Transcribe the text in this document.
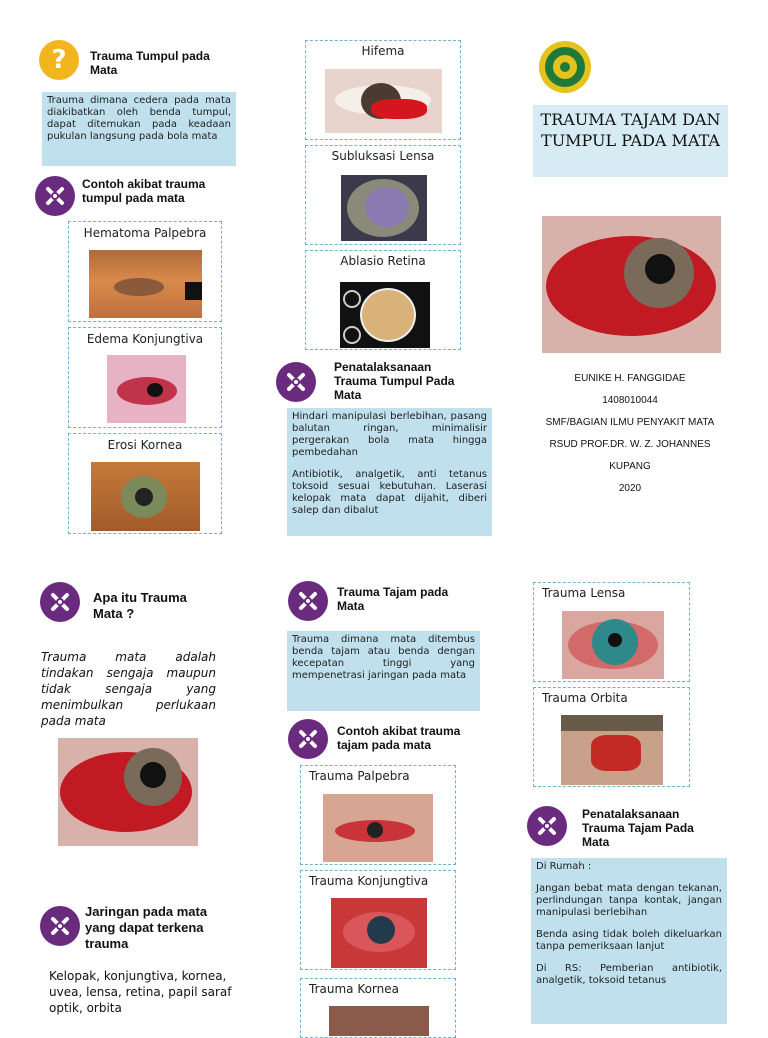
?	Trauma Tumpul pada Mata
Trauma dimana cedera pada mata diakibatkan oleh benda tumpul, dapat ditemukan pada keadaan pukulan langsung pada bola mata
Contoh akibat trauma tumpul pada mata
Hematoma Palpebra
Edema Konjungtiva
Erosi Kornea
Hifema
Subluksasi Lensa
Ablasio Retina
Penatalaksanaan Trauma Tumpul Pada Mata
Hindari manipulasi berlebihan, pasang balutan ringan, minimalisir pergerakan bola mata hingga pembedahan
Antibiotik, analgetik, anti tetanus toksoid sesuai kebutuhan. Laserasi kelopak mata dapat dijahit, diberi salep dan dibalut
TRAUMA TAJAM DAN TUMPUL PADA MATA
EUNIKE H. FANGGIDAE
1408010044
SMF/BAGIAN ILMU PENYAKIT MATA
RSUD PROF.DR. W. Z. JOHANNES
KUPANG
2020
Apa itu Trauma Mata ?
Trauma mata adalah tindakan sengaja maupun tidak sengaja yang menimbulkan perlukaan pada mata
Jaringan pada mata yang dapat terkena trauma
Kelopak, konjungtiva, kornea, uvea, lensa, retina, papil saraf optik, orbita
Trauma Tajam pada Mata
Trauma dimana mata ditembus benda tajam atau benda dengan kecepatan tinggi yang mempenetrasi jaringan pada mata
Contoh akibat trauma tajam pada mata
Trauma Palpebra
Trauma Konjungtiva
Trauma Kornea
Trauma Lensa
Trauma Orbita
Penatalaksanaan Trauma Tajam Pada Mata
Di Rumah :
Jangan bebat mata dengan tekanan, perlindungan tanpa kontak, jangan manipulasi berlebihan
Benda asing tidak boleh dikeluarkan tanpa pemeriksaan lanjut
Di RS: Pemberian antibiotik, analgetik, toksoid tetanus
